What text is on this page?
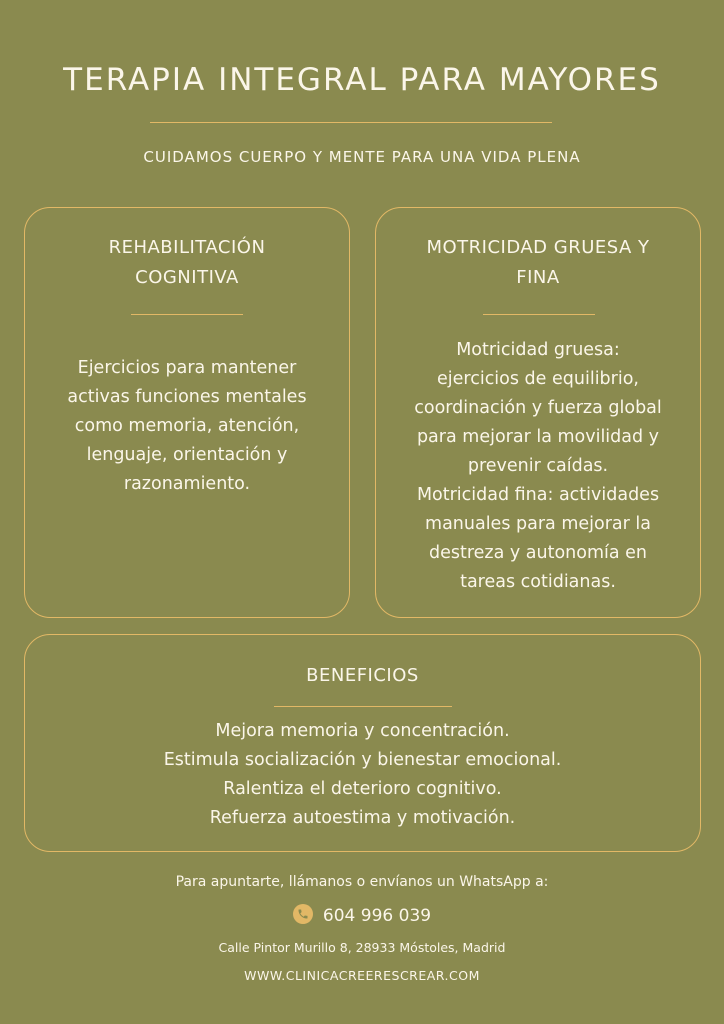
TERAPIA INTEGRAL PARA MAYORES
CUIDAMOS CUERPO Y MENTE PARA UNA VIDA PLENA
REHABILITACIÓN
COGNITIVA
Ejercicios para mantener
activas funciones mentales
como memoria, atención,
lenguaje, orientación y
razonamiento.
MOTRICIDAD GRUESA Y
FINA
Motricidad gruesa:
ejercicios de equilibrio,
coordinación y fuerza global
para mejorar la movilidad y
prevenir caídas.
Motricidad fina: actividades
manuales para mejorar la
destreza y autonomía en
tareas cotidianas.
BENEFICIOS
Mejora memoria y concentración.
Estimula socialización y bienestar emocional.
Ralentiza el deterioro cognitivo.
Refuerza autoestima y motivación.
Para apuntarte, llámanos o envíanos un WhatsApp a:
604 996 039
Calle Pintor Murillo 8, 28933 Móstoles, Madrid
WWW.CLINICACREERESCREAR.COM
